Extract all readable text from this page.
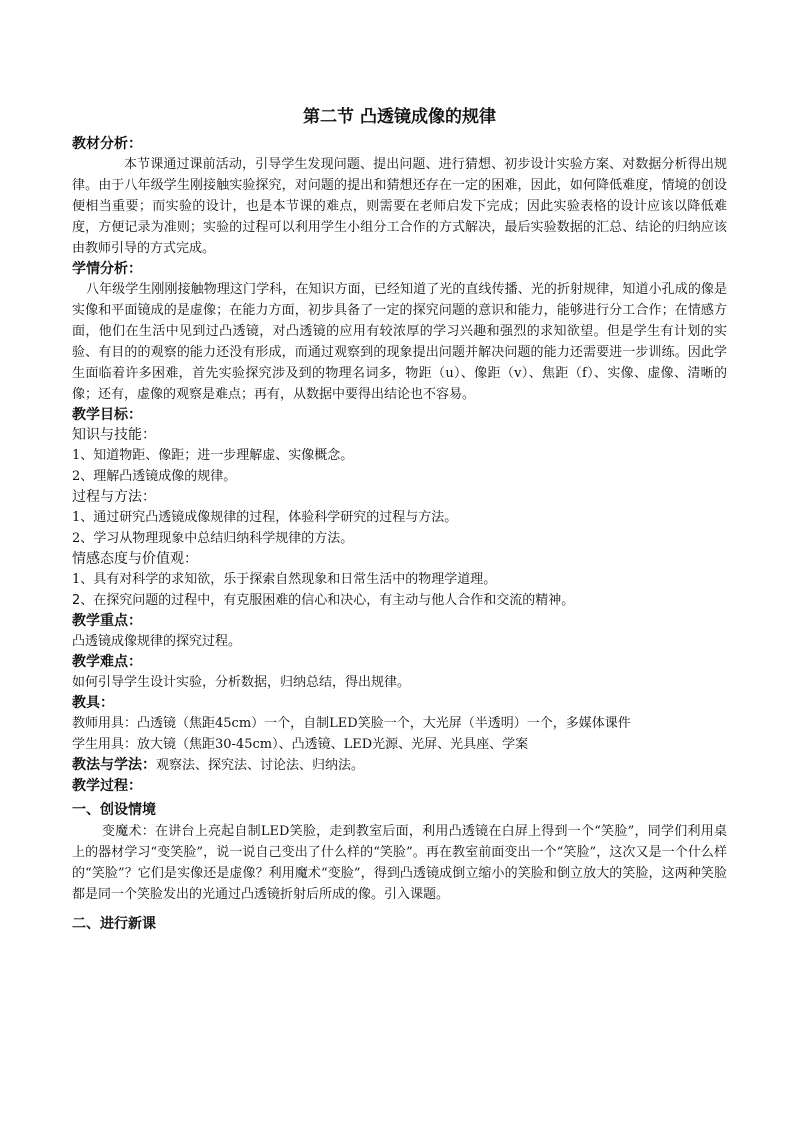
第二节 凸透镜成像的规律
教材分析：

本节课通过课前活动，引导学生发现问题、提出问题、进行猜想、初步设计实验方案、对数据分析得出规律。由于八年级学生刚接触实验探究，对问题的提出和猜想还存在一定的困难，因此，如何降低难度，情境的创设便相当重要；而实验的设计，也是本节课的难点，则需要在老师启发下完成；因此实验表格的设计应该以降低难度，方便记录为准则；实验的过程可以利用学生小组分工合作的方式解决，最后实验数据的汇总、结论的归纳应该由教师引导的方式完成。

学情分析：

八年级学生刚刚接触物理这门学科，在知识方面，已经知道了光的直线传播、光的折射规律，知道小孔成的像是实像和平面镜成的是虚像；在能力方面，初步具备了一定的探究问题的意识和能力，能够进行分工合作；在情感方面，他们在生活中见到过凸透镜，对凸透镜的应用有较浓厚的学习兴趣和强烈的求知欲望。但是学生有计划的实验、有目的的观察的能力还没有形成，而通过观察到的现象提出问题并解决问题的能力还需要进一步训练。因此学生面临着许多困难，首先实验探究涉及到的物理名词多，物距（u）、像距（v）、焦距（f）、实像、虚像、清晰的像；还有，虚像的观察是难点；再有，从数据中要得出结论也不容易。

教学目标：
知识与技能：

1、知道物距、像距；进一步理解虚、实像概念。

2、理解凸透镜成像的规律。

过程与方法：

1、通过研究凸透镜成像规律的过程，体验科学研究的过程与方法。

2、学习从物理现象中总结归纳科学规律的方法。

情感态度与价值观：

1、具有对科学的求知欲，乐于探索自然现象和日常生活中的物理学道理。

2、在探究问题的过程中，有克服困难的信心和决心，有主动与他人合作和交流的精神。

教学重点：

凸透镜成像规律的探究过程。

教学难点：

如何引导学生设计实验，分析数据，归纳总结，得出规律。

教具：

教师用具：凸透镜（焦距45cm）一个，自制LED笑脸一个，大光屏（半透明）一个，多媒体课件

学生用具：放大镜（焦距30-45cm）、凸透镜、LED光源、光屏、光具座、学案

教法与学法：观察法、探究法、讨论法、归纳法。

教学过程：
一、创设情境

变魔术：在讲台上亮起自制LED笑脸，走到教室后面，利用凸透镜在白屏上得到一个“笑脸”，同学们利用桌上的器材学习“变笑脸”，说一说自己变出了什么样的“笑脸”。再在教室前面变出一个“笑脸”，这次又是一个什么样的“笑脸”？它们是实像还是虚像？利用魔术“变脸”，得到凸透镜成倒立缩小的笑脸和倒立放大的笑脸，这两种笑脸都是同一个笑脸发出的光通过凸透镜折射后所成的像。引入课题。

二、进行新课
